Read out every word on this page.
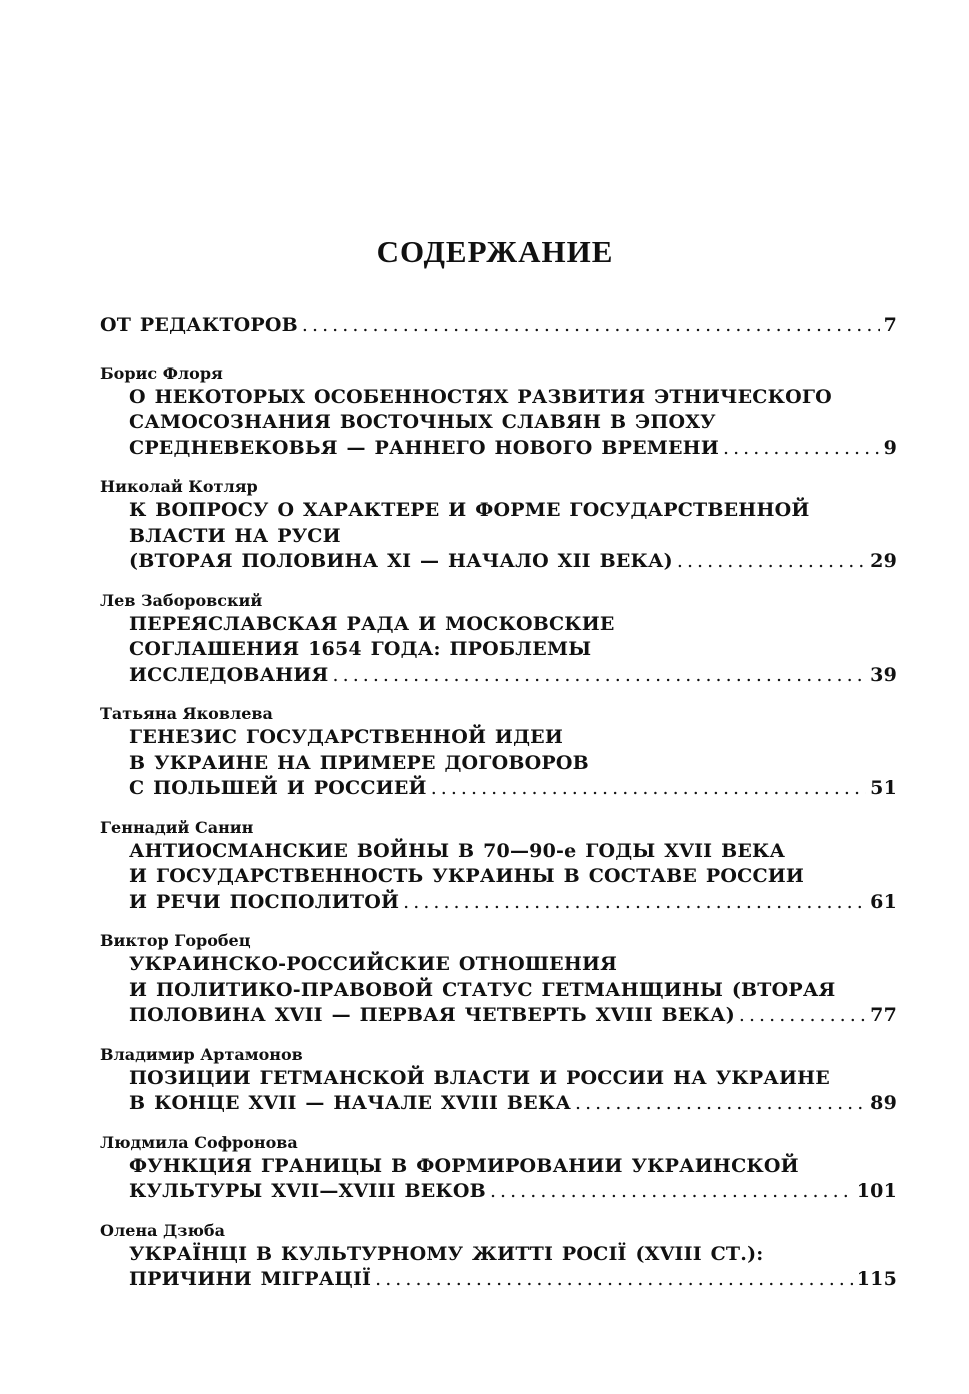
СОДЕРЖАНИЕ
ОТ РЕДАКТОРОВ . . .	7
Борис Флоря
О НЕКОТОРЫХ ОСОБЕННОСТЯХ РАЗВИТИЯ ЭТНИЧЕСКОГО
САМОСОЗНАНИЯ ВОСТОЧНЫХ СЛАВЯН В ЭПОХУ
СРЕДНЕВЕКОВЬЯ — РАННЕГО НОВОГО ВРЕМЕНИ . . .	9
Николай Котляр
К ВОПРОСУ О ХАРАКТЕРЕ И ФОРМЕ ГОСУДАРСТВЕННОЙ
ВЛАСТИ НА РУСИ
(ВТОРАЯ ПОЛОВИНА XI — НАЧАЛО XII ВЕКА) . . .	29
Лев Заборовский
ПЕРЕЯСЛАВСКАЯ РАДА И МОСКОВСКИЕ
СОГЛАШЕНИЯ 1654 ГОДА: ПРОБЛЕМЫ
ИССЛЕДОВАНИЯ . . .	39
Татьяна Яковлева
ГЕНЕЗИС ГОСУДАРСТВЕННОЙ ИДЕИ
В УКРАИНЕ НА ПРИМЕРЕ ДОГОВОРОВ
С ПОЛЬШЕЙ И РОССИЕЙ . . .	51
Геннадий Санин
АНТИОСМАНСКИЕ ВОЙНЫ В 70—90-е ГОДЫ XVII ВЕКА
И ГОСУДАРСТВЕННОСТЬ УКРАИНЫ В СОСТАВЕ РОССИИ
И РЕЧИ ПОСПОЛИТОЙ . . .	61
Виктор Горобец
УКРАИНСКО-РОССИЙСКИЕ ОТНОШЕНИЯ
И ПОЛИТИКО-ПРАВОВОЙ СТАТУС ГЕТМАНЩИНЫ (ВТОРАЯ
ПОЛОВИНА XVII — ПЕРВАЯ ЧЕТВЕРТЬ XVIII ВЕКА) . . .	77
Владимир Артамонов
ПОЗИЦИИ ГЕТМАНСКОЙ ВЛАСТИ И РОССИИ НА УКРАИНЕ
В КОНЦЕ XVII — НАЧАЛЕ XVIII ВЕКА . . .	89
Людмила Софронова
ФУНКЦИЯ ГРАНИЦЫ В ФОРМИРОВАНИИ УКРАИНСКОЙ
КУЛЬТУРЫ XVII—XVIII ВЕКОВ . . .	101
Олена Дзюба
УКРАЇНЦІ В КУЛЬТУРНОМУ ЖИТТІ РОСІЇ (XVIII СТ.):
ПРИЧИНИ МІГРАЦІЇ . . .	115
